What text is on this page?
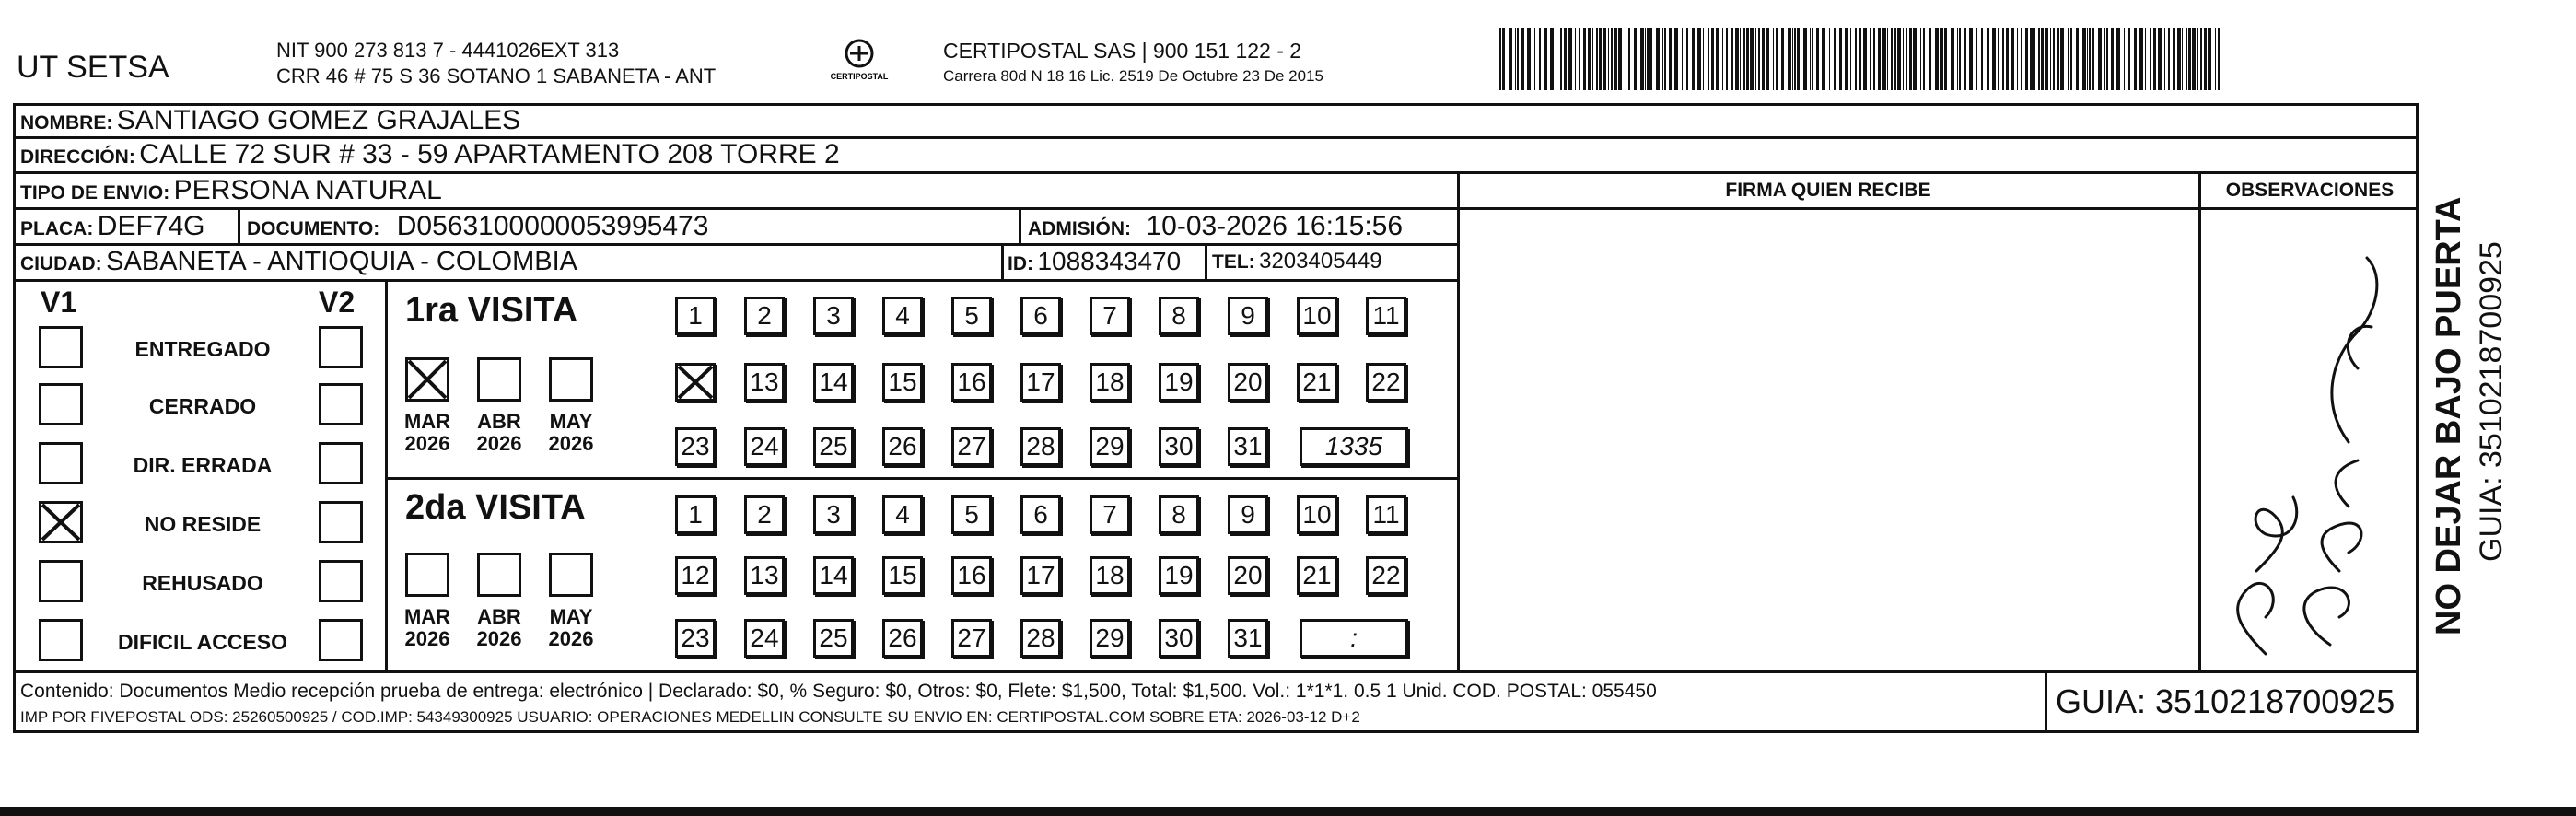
UT SETSA	NIT 900 273 813 7 - 4441026EXT 313
CRR 46 # 75 S 36 SOTANO 1 SABANETA - ANT	CERTIPOSTAL
CERTIPOSTAL SAS | 900 151 122 - 2
Carrera 80d N 18 16 Lic. 2519 De Octubre 23 De 2015
NOMBRE: SANTIAGO GOMEZ GRAJALES
DIRECCIÓN: CALLE 72 SUR # 33 - 59 APARTAMENTO 208 TORRE 2
TIPO DE ENVIO: PERSONA NATURAL
PLACA: DEF74G DOCUMENTO: D0563100000053995473	ADMISIÓN: 10-03-2026 16:15:56
CIUDAD: SABANETA - ANTIOQUIA - COLOMBIA	ID: 1088343470 TEL: 3203405449
FIRMA QUIEN RECIBE	OBSERVACIONES
NO DEJAR BAJO PUERTA GUIA: 3510218700925
V1	V2 1ra VISITA
2da VISITA
Contenido: Documentos Medio recepción prueba de entrega: electrónico | Declarado: $0, % Seguro: $0, Otros: $0, Flete: $1,500, Total: $1,500. Vol.: 1*1*1. 0.5 1 Unid. COD. POSTAL: 055450
IMP POR FIVEPOSTAL ODS: 25260500925 / COD.IMP: 54349300925 USUARIO: OPERACIONES MEDELLIN CONSULTE SU ENVIO EN: CERTIPOSTAL.COM SOBRE ETA: 2026-03-12 D+2	GUIA: 3510218700925
ENTREGADO
CERRADO
DIR. ERRADA
NO RESIDE
REHUSADO
DIFICIL ACCESO
MAR
2026
ABR
2026
MAY
2026
MAR
2026
ABR
2026
MAY
2026
1 2 3 4 5 6 7 8 9 10 11
13 14 15 16 17 18 19 20 21 22
23 24 25 26 27 28 29 30 31	1335
1 2 3 4 5 6 7 8 9 10 11
12 13 14 15 16 17 18 19 20 21 22
23 24 25 26 27 28 29 30 31	:
